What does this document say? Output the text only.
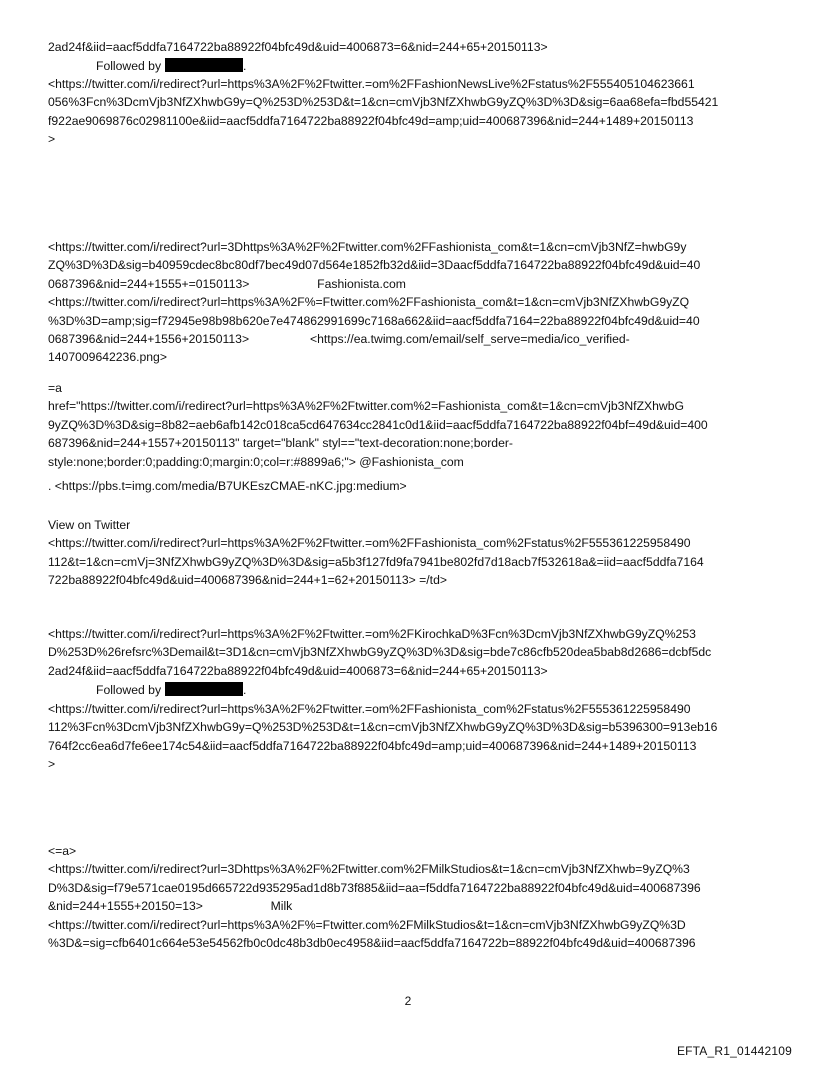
2ad24f&iid=aacf5ddfa7164722ba88922f04bfc49d&uid=4006873=6&nid=244+65+20150113>

Followed by	.

<https://twitter.com/i/redirect?url=https%3A%2F%2Ftwitter.=om%2FFashionNewsLive%2Fstatus%2F555405104623661
056%3Fcn%3DcmVjb3NfZXhwbG9y=Q%253D%253D&t=1&cn=cmVjb3NfZXhwbG9yZQ%3D%3D&sig=6aa68efa=fbd55421
f922ae9069876c02981100e&iid=aacf5ddfa7164722ba88922f04bfc49d=amp;uid=400687396&nid=244+1489+20150113
>

<https://twitter.com/i/redirect?url=3Dhttps%3A%2F%2Ftwitter.com%2FFashionista_com&t=1&cn=cmVjb3NfZ=hwbG9y
ZQ%3D%3D&sig=b40959cdec8bc80df7bec49d07d564e1852fb32d&iid=3Daacf5ddfa7164722ba88922f04bfc49d&uid=40
0687396&nid=244+1555+=0150113>                    Fashionista.com
<https://twitter.com/i/redirect?url=https%3A%2F%=Ftwitter.com%2FFashionista_com&t=1&cn=cmVjb3NfZXhwbG9yZQ
%3D%3D=amp;sig=f72945e98b98b620e7e474862991699c7168a662&iid=aacf5ddfa7164=22ba88922f04bfc49d&uid=40
0687396&nid=244+1556+20150113>                  <https://ea.twimg.com/email/self_serve=media/ico_verified-
1407009642236.png>

=a
href="https://twitter.com/i/redirect?url=https%3A%2F%2Ftwitter.com%2=Fashionista_com&t=1&cn=cmVjb3NfZXhwbG
9yZQ%3D%3D&sig=8b82=aeb6afb142c018ca5cd647634cc2841c0d1&iid=aacf5ddfa7164722ba88922f04bf=49d&uid=400
687396&nid=244+1557+20150113" target="blank" styl=="text-decoration:none;border-
style:none;border:0;padding:0;margin:0;col=r:#8899a6;"> @Fashionista_com

. <https://pbs.t=img.com/media/B7UKEszCMAE-nKC.jpg:medium>

View on Twitter
<https://twitter.com/i/redirect?url=https%3A%2F%2Ftwitter.=om%2FFashionista_com%2Fstatus%2F555361225958490
112&t=1&cn=cmVj=3NfZXhwbG9yZQ%3D%3D&sig=a5b3f127fd9fa7941be802fd7d18acb7f532618a&=iid=aacf5ddfa7164
722ba88922f04bfc49d&uid=400687396&nid=244+1=62+20150113> =/td>

<https://twitter.com/i/redirect?url=https%3A%2F%2Ftwitter.=om%2FKirochkaD%3Fcn%3DcmVjb3NfZXhwbG9yZQ%253
D%253D%26refsrc%3Demail&t=3D1&cn=cmVjb3NfZXhwbG9yZQ%3D%3D&sig=bde7c86cfb520dea5bab8d2686=dcbf5dc
2ad24f&iid=aacf5ddfa7164722ba88922f04bfc49d&uid=4006873=6&nid=244+65+20150113>

Followed by	.

<https://twitter.com/i/redirect?url=https%3A%2F%2Ftwitter.=om%2FFashionista_com%2Fstatus%2F555361225958490
112%3Fcn%3DcmVjb3NfZXhwbG9y=Q%253D%253D&t=1&cn=cmVjb3NfZXhwbG9yZQ%3D%3D&sig=b5396300=913eb16
764f2cc6ea6d7fe6ee174c54&iid=aacf5ddfa7164722ba88922f04bfc49d=amp;uid=400687396&nid=244+1489+20150113
>

<=a>
<https://twitter.com/i/redirect?url=3Dhttps%3A%2F%2Ftwitter.com%2FMilkStudios&t=1&cn=cmVjb3NfZXhwb=9yZQ%3
D%3D&sig=f79e571cae0195d665722d935295ad1d8b73f885&iid=aa=f5ddfa7164722ba88922f04bfc49d&uid=400687396
&nid=244+1555+20150=13>                    Milk
<https://twitter.com/i/redirect?url=https%3A%2F%=Ftwitter.com%2FMilkStudios&t=1&cn=cmVjb3NfZXhwbG9yZQ%3D
%3D&=sig=cfb6401c664e53e54562fb0c0dc48b3db0ec4958&iid=aacf5ddfa7164722b=88922f04bfc49d&uid=400687396

2
EFTA_R1_01442109
